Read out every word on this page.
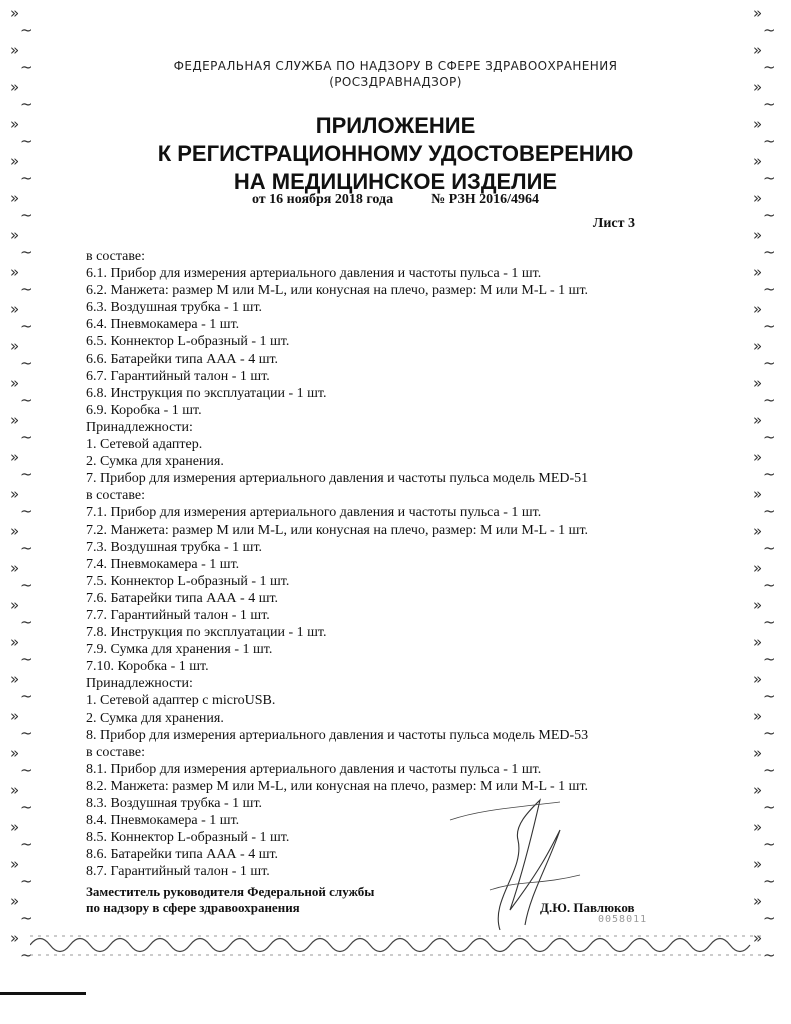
»
~
»
~
»
~
»
~
»
~
»
~
»
~
»
~
»
~
»
~
»
~
»
~
»
~
»
~
»
~
»
~
»
~
»
~
»
~
»
~
»
~
»
~
»
~
»
~
»
~
»
~
»
~
»
~
»
~
»
~
»
~
»
~
»
~
»
~
»
~
»
~
»
~
»
~
»
~
»
~
»
~
»
~
»
~
»
~
»
~
»
~
»
~
»
~
»
~
»
~
»
~
»
~
ФЕДЕРАЛЬНАЯ СЛУЖБА ПО НАДЗОРУ В СФЕРЕ ЗДРАВООХРАНЕНИЯ
(РОСЗДРАВНАДЗОР)
ПРИЛОЖЕНИЕ
К РЕГИСТРАЦИОННОМУ УДОСТОВЕРЕНИЮ
НА МЕДИЦИНСКОЕ ИЗДЕЛИЕ
от 16 ноября 2018 года	№ РЗН 2016/4964
Лист 3
в составе:
6.1. Прибор для измерения артериального давления и частоты пульса - 1 шт.
6.2. Манжета: размер M или M-L, или конусная на плечо, размер: M или M-L - 1 шт.
6.3. Воздушная трубка - 1 шт.
6.4. Пневмокамера - 1 шт.
6.5. Коннектор L-образный - 1 шт.
6.6. Батарейки типа ААА - 4 шт.
6.7. Гарантийный талон - 1 шт.
6.8. Инструкция по эксплуатации - 1 шт.
6.9. Коробка - 1 шт.
Принадлежности:
1. Сетевой адаптер.
2. Сумка для хранения.
7. Прибор для измерения артериального давления и частоты пульса модель MED-51
в составе:
7.1. Прибор для измерения артериального давления и частоты пульса - 1 шт.
7.2. Манжета: размер M или M-L, или конусная на плечо, размер: M или M-L - 1 шт.
7.3. Воздушная трубка - 1 шт.
7.4. Пневмокамера - 1 шт.
7.5. Коннектор L-образный - 1 шт.
7.6. Батарейки типа ААА - 4 шт.
7.7. Гарантийный талон - 1 шт.
7.8. Инструкция по эксплуатации - 1 шт.
7.9. Сумка для хранения - 1 шт.
7.10. Коробка - 1 шт.
Принадлежности:
1. Сетевой адаптер с microUSB.
2. Сумка для хранения.
8. Прибор для измерения артериального давления и частоты пульса модель MED-53
в составе:
8.1. Прибор для измерения артериального давления и частоты пульса - 1 шт.
8.2. Манжета: размер M или M-L, или конусная на плечо, размер: M или M-L - 1 шт.
8.3. Воздушная трубка - 1 шт.
8.4. Пневмокамера - 1 шт.
8.5. Коннектор L-образный - 1 шт.
8.6. Батарейки типа ААА - 4 шт.
8.7. Гарантийный талон - 1 шт.
Заместитель руководителя Федеральной службы
по надзору в сфере здравоохранения	Д.Ю. Павлюков
0058011
